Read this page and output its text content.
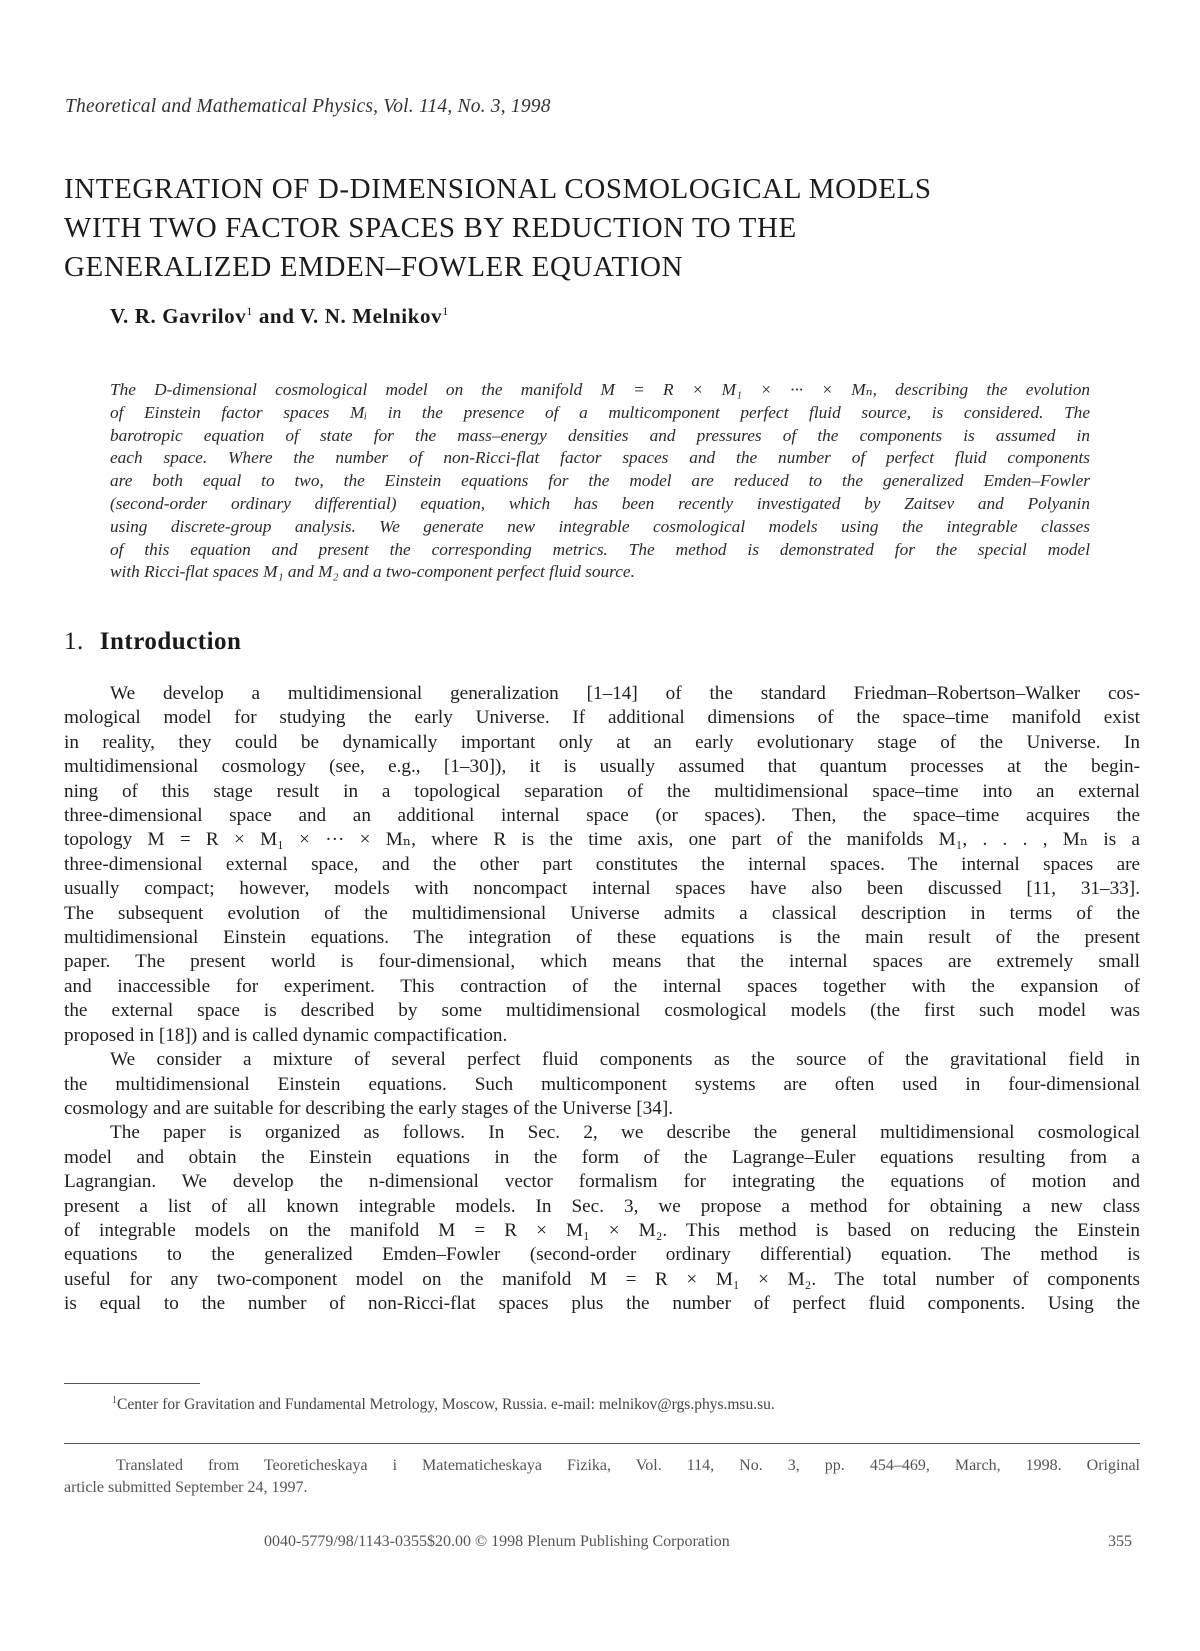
Theoretical and Mathematical Physics, Vol. 114, No. 3, 1998
INTEGRATION OF D-DIMENSIONAL COSMOLOGICAL MODELS
WITH TWO FACTOR SPACES BY REDUCTION TO THE
GENERALIZED EMDEN–FOWLER EQUATION
V. R. Gavrilov$^1$ and V. N. Melnikov$^1$
The D-dimensional cosmological model on the manifold M = R × M₁ × ··· × Mₙ, describing the evolution
of Einstein factor spaces Mᵢ in the presence of a multicomponent perfect fluid source, is considered. The
barotropic equation of state for the mass–energy densities and pressures of the components is assumed in
each space. Where the number of non-Ricci-flat factor spaces and the number of perfect fluid components
are both equal to two, the Einstein equations for the model are reduced to the generalized Emden–Fowler
(second-order ordinary differential) equation, which has been recently investigated by Zaitsev and Polyanin
using discrete-group analysis. We generate new integrable cosmological models using the integrable classes
of this equation and present the corresponding metrics. The method is demonstrated for the special model
with Ricci-flat spaces M₁ and M₂ and a two-component perfect fluid source.
1. Introduction
We develop a multidimensional generalization [1–14] of the standard Friedman–Robertson–Walker cos-
mological model for studying the early Universe. If additional dimensions of the space–time manifold exist
in reality, they could be dynamically important only at an early evolutionary stage of the Universe. In
multidimensional cosmology (see, e.g., [1–30]), it is usually assumed that quantum processes at the begin-
ning of this stage result in a topological separation of the multidimensional space–time into an external
three-dimensional space and an additional internal space (or spaces). Then, the space–time acquires the
topology M = R × M₁ × ··· × Mₙ, where R is the time axis, one part of the manifolds M₁, . . . , Mₙ is a
three-dimensional external space, and the other part constitutes the internal spaces. The internal spaces are
usually compact; however, models with noncompact internal spaces have also been discussed [11, 31–33].
The subsequent evolution of the multidimensional Universe admits a classical description in terms of the
multidimensional Einstein equations. The integration of these equations is the main result of the present
paper. The present world is four-dimensional, which means that the internal spaces are extremely small
and inaccessible for experiment. This contraction of the internal spaces together with the expansion of
the external space is described by some multidimensional cosmological models (the first such model was
proposed in [18]) and is called dynamic compactification.
We consider a mixture of several perfect fluid components as the source of the gravitational field in
the multidimensional Einstein equations. Such multicomponent systems are often used in four-dimensional
cosmology and are suitable for describing the early stages of the Universe [34].
The paper is organized as follows. In Sec. 2, we describe the general multidimensional cosmological
model and obtain the Einstein equations in the form of the Lagrange–Euler equations resulting from a
Lagrangian. We develop the n-dimensional vector formalism for integrating the equations of motion and
present a list of all known integrable models. In Sec. 3, we propose a method for obtaining a new class
of integrable models on the manifold M = R × M₁ × M₂. This method is based on reducing the Einstein
equations to the generalized Emden–Fowler (second-order ordinary differential) equation. The method is
useful for any two-component model on the manifold M = R × M₁ × M₂. The total number of components
is equal to the number of non-Ricci-flat spaces plus the number of perfect fluid components. Using the
$^1$Center for Gravitation and Fundamental Metrology, Moscow, Russia. e-mail: melnikov@rgs.phys.msu.su.
Translated from Teoreticheskaya i Matematicheskaya Fizika, Vol. 114, No. 3, pp. 454–469, March, 1998. Original
article submitted September 24, 1997.
0040-5779/98/1143-0355$20.00 © 1998 Plenum Publishing Corporation	355
